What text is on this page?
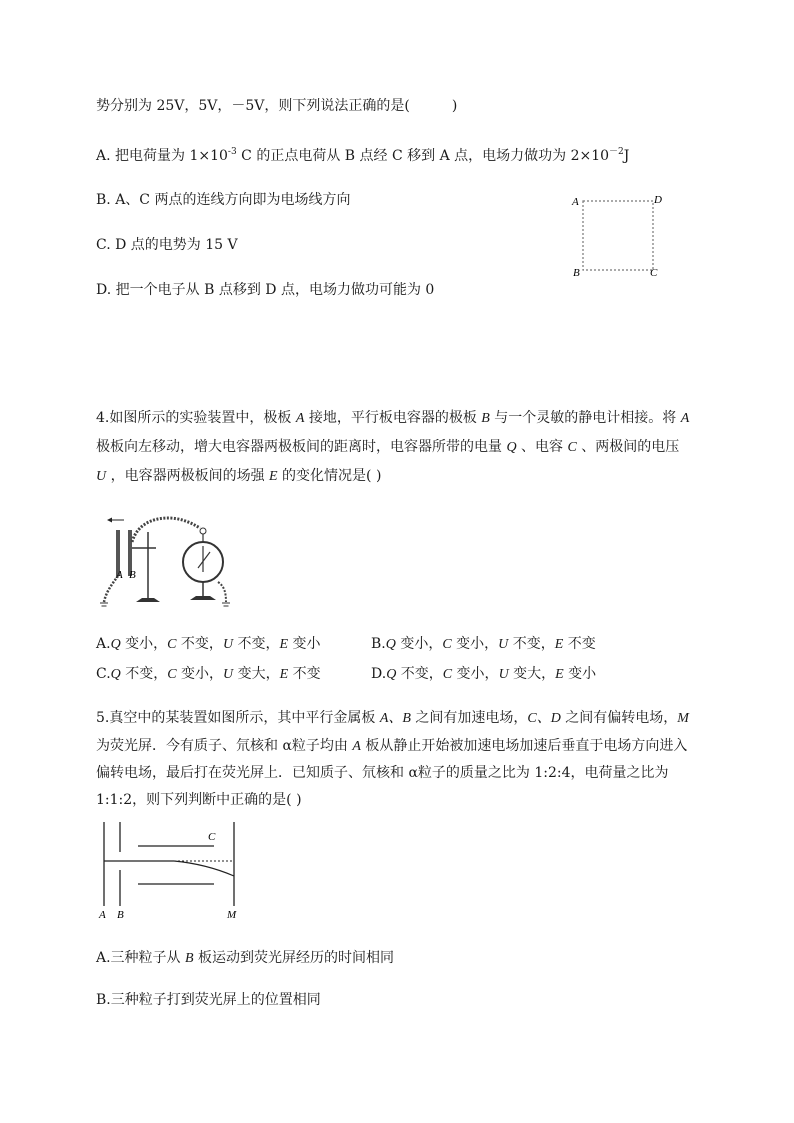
势分别为 25V，5V，－5V，则下列说法正确的是(　　　)
A. 把电荷量为 $1\times 10^{-3}$ C 的正点电荷从 B 点经 C 移到 A 点，电场力做功为 $2\times 10^{-2}J$
B. A、C 两点的连线方向即为电场线方向
C. D 点的电势为 15 V
D. 把一个电子从 B 点移到 D 点，电场力做功可能为 0
A	D
B	C
4.如图所示的实验装置中，极板 A 接地，平行板电容器的极板 B 与一个灵敏的静电计相接。将 A
极板向左移动，增大电容器两极板间的距离时，电容器所带的电量 Q 、电容 C 、两极间的电压
U ，电容器两极板间的场强 E 的变化情况是( )
A B
A.Q 变小，C 不变，U 不变，E 变小	B.Q 变小，C 变小，U 不变，E 不变
C.Q 不变，C 变小，U 变大，E 不变	D.Q 不变，C 变小，U 变大，E 变小
5.真空中的某装置如图所示，其中平行金属板 A、B 之间有加速电场，C、D 之间有偏转电场，M
为荧光屏．今有质子、氘核和 α粒子均由 A 板从静止开始被加速电场加速后垂直于电场方向进入
偏转电场，最后打在荧光屏上．已知质子、氘核和 α粒子的质量之比为 1:2:4，电荷量之比为
1:1:2，则下列判断中正确的是( )
C
A B	M
A.三种粒子从 B 板运动到荧光屏经历的时间相同
B.三种粒子打到荧光屏上的位置相同
